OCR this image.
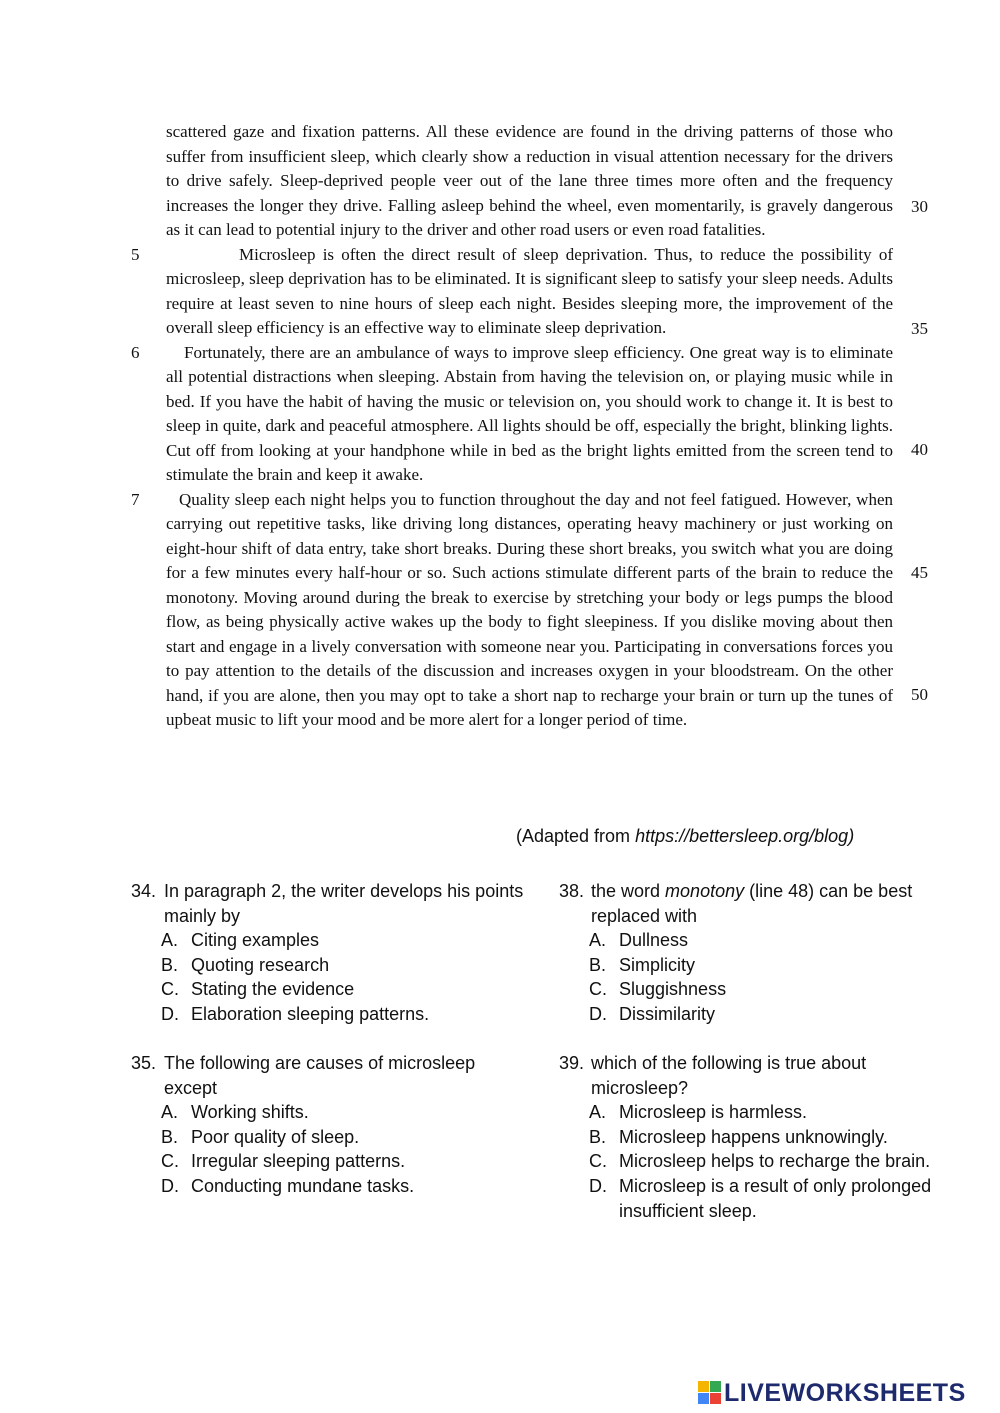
scattered gaze and fixation patterns. All these evidence are found in the driving patterns of those who suffer from insufficient sleep, which clearly show a reduction in visual attention necessary for the drivers to drive safely. Sleep-deprived people veer out of the lane three times more often and the frequency increases the longer they drive. Falling asleep behind the wheel, even momentarily, is gravely dangerous as it can lead to potential injury to the driver and other road users or even road fatalities.
5	Microsleep is often the direct result of sleep deprivation. Thus, to reduce the possibility of microsleep, sleep deprivation has to be eliminated. It is significant sleep to satisfy your sleep needs. Adults require at least seven to nine hours of sleep each night. Besides sleeping more, the improvement of the overall sleep efficiency is an effective way to eliminate sleep deprivation.
6	Fortunately, there are an ambulance of ways to improve sleep efficiency. One great way is to eliminate all potential distractions when sleeping. Abstain from having the television on, or playing music while in bed. If you have the habit of having the music or television on, you should work to change it. It is best to sleep in quite, dark and peaceful atmosphere. All lights should be off, especially the bright, blinking lights. Cut off from looking at your handphone while in bed as the bright lights emitted from the screen tend to stimulate the brain and keep it awake.
7	Quality sleep each night helps you to function throughout the day and not feel fatigued. However, when carrying out repetitive tasks, like driving long distances, operating heavy machinery or just working on eight-hour shift of data entry, take short breaks. During these short breaks, you switch what you are doing for a few minutes every half-hour or so. Such actions stimulate different parts of the brain to reduce the monotony. Moving around during the break to exercise by stretching your body or legs pumps the blood flow, as being physically active wakes up the body to fight sleepiness. If you dislike moving about then start and engage in a lively conversation with someone near you. Participating in conversations forces you to pay attention to the details of the discussion and increases oxygen in your bloodstream. On the other hand, if you are alone, then you may opt to take a short nap to recharge your brain or turn up the tunes of upbeat music to lift your mood and be more alert for a longer period of time.
30
35
40
45
50
(Adapted from https://bettersleep.org/blog)
34. In paragraph 2, the writer develops his points mainly by
A. Citing examples
B. Quoting research
C. Stating the evidence
D. Elaboration sleeping patterns.
35. The following are causes of microsleep except
A. Working shifts.
B. Poor quality of sleep.
C. Irregular sleeping patterns.
D. Conducting mundane tasks.
38. the word monotony (line 48) can be best replaced with
A. Dullness
B. Simplicity
C. Sluggishness
D. Dissimilarity
39. which of the following is true about microsleep?
A. Microsleep is harmless.
B. Microsleep happens unknowingly.
C. Microsleep helps to recharge the brain.
D. Microsleep is a result of only prolonged insufficient sleep.
LIVEWORKSHEETS
